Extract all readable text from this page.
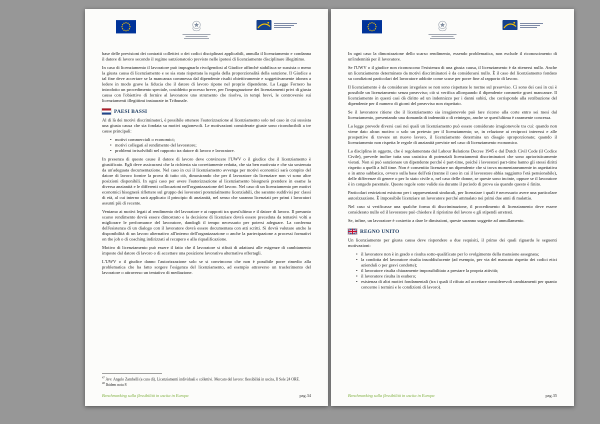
base delle previsioni dei contratti collettivi o dei codici disciplinari applicabili, annulla il licenziamento e condanna il datore di lavoro secondo il regime sanzionatorio previsto nelle ipotesi di licenziamento disciplinare illegittimo.

In caso di licenziamento il lavoratore può impugnarlo rivolgendosi al Giudice affinché stabilisca se sussista o meno la giusta causa di licenziamento e se sia stata rispettata la regola della proporzionalità della sanzione. Il Giudice a tal fine deve accertare se la mancanza commessa dal dipendente risulti obiettivamente e soggettivamente idonea a ledere in modo grave la fiducia che il datore di lavoro ripone nel proprio dipendente. La Legge Fornero ha introdotto un procedimento speciale, cosiddetto processo breve, per l'impugnazione dei licenziamenti privi di giusta causa con l'obiettivo di fornire al lavoratore uno strumento che risolva, in tempi brevi, le controversie sui licenziamenti illegittimi instaurate in Tribunale.

PAESI BASSI

Al di là dei motivi discriminatori, è possibile ottenere l'autorizzazione al licenziamento solo nel caso in cui sussista una giusta causa che sia fondata su motivi ragionevoli. Le motivazioni considerate giuste sono riconducibili a tre cause principali:

• motivi commerciali o economici;
• motivi collegati al rendimento del lavoratore;
• problemi irrisolvibili nel rapporto tra datore di lavoro e lavoratore.

In presenza di queste cause il datore di lavoro deve convincere l'UWV o il giudice che il licenziamento è giustificato. Egli deve assicurarsi che la richiesta sia correttamente redatta, che sia ben motivata e che sia sostenuta da un'adeguata documentazione. Nel caso in cui il licenziamento avvenga per motivi economici sarà compito del datore di lavoro fornire la prova di tutto ciò, dimostrando che per il lavoratore da licenziare non vi sono altre posizioni disponibili. In ogni caso per avere l'autorizzazione al licenziamento bisognerà prendere in esame la diversa anzianità e le differenti collocazioni nell'organizzazione del lavoro. Nel caso di un licenziamento per motivi economici bisognerà riflettere sul gruppo dei lavoratori potenzialmente licenziabili, che saranno suddivisi per classi di età, al cui interno sarà applicato il principio di anzianità, nel senso che saranno licenziati per primi i lavoratori assunti più di recente.

Veniamo ai motivi legati al rendimento del lavoratore e ai rapporti tra quest'ultimo e il datore di lavoro. Il presunto scarso rendimento dovrà essere dimostrato e la decisione di licenziare dovrà essere preceduta da tentativi volti a migliorare le performance del lavoratore, dandogli il tempo necessario per potersi adeguare. La conferma dell'esistenza di un dialogo con il lavoratore dovrà essere documentata con atti scritti. Si dovrà valutare anche la disponibilità di un lavoro alternativo all'interno dell'organizzazione o anche la partecipazione a processi formativi on the job o di coaching indirizzati al recupero e alla riqualificazione.

Motivo di licenziamento può essere il fatto che il lavoratore si rifiuti di adattarsi alle esigenze di cambiamento imposte dal datore di lavoro o di accettare una posizione lavorativa alternativa offertagli.

L'UWV o il giudice danno l'autorizzazione solo se si convincono che non è possibile porre rimedio alla problematica che ha fatto sorgere l'esigenza del licenziamento, ad esempio attraverso un trasferimento del lavoratore o attraverso un tentativo di mediazione.

$^{47}$ Avv. Angelo Zambelli (a cura di), Licenziamenti individuali e collettivi. Mercato del lavoro: flessibilità in uscita, Il Sole 24 ORE.

$^{48}$ Ibidem nota 8

Benchmarking sulla flessibilità in uscita in Europa	pag.34

In ogni caso la dimostrazione dello scarso rendimento, essendo problematica, non esclude il riconoscimento di un'indennità per il lavoratore.

Se l'UWV o il giudice non riconoscono l'esistenza di una giusta causa, il licenziamento è da ritenersi nullo. Anche un licenziamento determinato da motivi discriminatori è da considerarsi nullo. È il caso del licenziamento fondato su condizioni particolari del lavoratore addotte come scuse per porre fine al rapporto di lavoro.

Il licenziamento è da considerare irregolare se non sono rispettate le norme sul preavviso. Ci sono dei casi in cui è possibile un licenziamento senza preavviso; ciò si verifica allorquando il dipendente commette gravi mancanze. Il licenziamento in questi casi dà diritto ad un indennizzo per i danni subiti, che corrisponde alla retribuzione del dipendente per il numero di giorni del preavviso non rispettato.

Se il lavoratore ritiene che il licenziamento sia irragionevole può fare ricorso alla corte entro sei mesi dal licenziamento, presentando una domanda di indennità o di reintegro, anche se quest'ultima è raramente concessa.

La legge prevede diversi casi nei quali un licenziamento può essere considerato irragionevole tra cui: quando non viene dato alcun motivo o solo un pretesto per il licenziamento; se, in relazione ai reciproci interessi e alle prospettive di trovare un nuovo lavoro, il licenziamento determina un disagio sproporzionato; quando il licenziamento non rispetta le regole di anzianità previste nel caso di licenziamento economico.

La disciplina in oggetto, che è regolamentata dal Labour Relations Decree 1945 e dal Dutch Civil Code (il Codice Civile), prevede inoltre tutta una casistica di potenziali licenziamenti discriminatori che sono aprioristicamente vietati. Non si può sanzionare un dipendente perché è part-time, poiché i lavoratori part-time hanno gli stessi diritti rispetto a quelli a full time. Non è consentito licenziare un dipendente che si trova momentaneamente in aspettativa o in anno sabbatico, ovvero sulla base dell'età (tranne il caso in cui il lavoratore abbia raggiunto l'età pensionabile), delle differenze di genere o per lo stato civile o, nel caso delle donne, se queste sono incinte, oppure se il lavoratore è in congedo parentale. Queste regole sono valide sia durante il periodo di prova sia quando questo è finito.

Particolari restrizioni esistono per i rappresentanti sindacali, per licenziare i quali è necessario avere una particolare autorizzazione. È impossibile licenziare un lavoratore perché ammalato nei primi due anni di malattia.

Nel caso si verificasse una qualche forma di discriminazione, il procedimento di licenziamento deve essere considerato nullo ed il lavoratore può chiedere il ripristino del lavoro e gli stipendi arretrati.

Se, infine, un lavoratore è costretto a dare le dimissioni, queste saranno soggette ad annullamento.

REGNO UNITO

Un licenziamento per giusta causa deve rispondere a due requisiti, il primo dei quali riguarda le seguenti motivazioni:

• il lavoratore non è in grado o risulta sotto-qualificato per lo svolgimento della mansione assegnata;
• la condotta del lavoratore risulta insoddisfacente (ad esempio, per via del mancato rispetto dei codici etici aziendali o per gravi condotte);
• il lavoratore risulta chiaramente impossibilitato a prestare la propria attività;
• il lavoratore risulta in esubero;
• esistenza di altri motivi fondamentali (tra i quali il rifiuto ad accettare considerevoli cambiamenti per quanto concerne i termini e le condizioni di lavoro).
Benchmarking sulla flessibilità in uscita in Europa	pag.35
